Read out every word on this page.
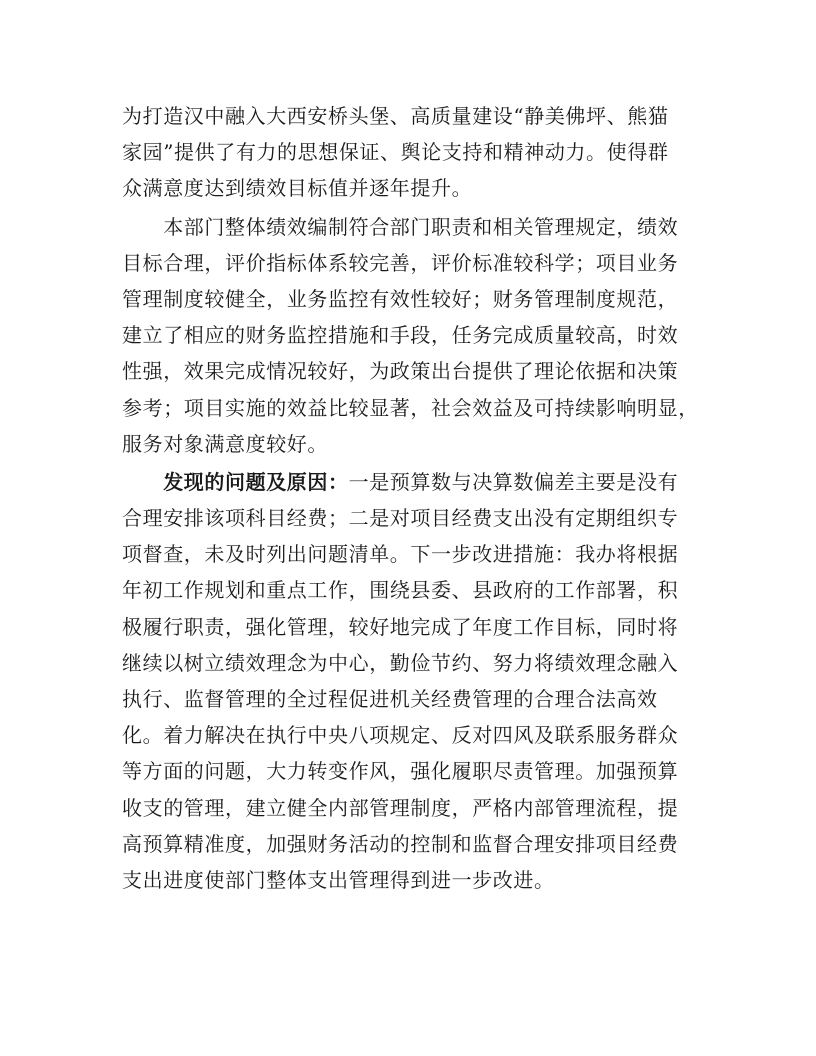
为打造汉中融入大西安桥头堡、高质量建设“静美佛坪、熊猫
家园”提供了有力的思想保证、舆论支持和精神动力。使得群
众满意度达到绩效目标值并逐年提升。
　　本部门整体绩效编制符合部门职责和相关管理规定，绩效
目标合理，评价指标体系较完善，评价标准较科学；项目业务
管理制度较健全，业务监控有效性较好；财务管理制度规范，
建立了相应的财务监控措施和手段，任务完成质量较高，时效
性强，效果完成情况较好，为政策出台提供了理论依据和决策
参考；项目实施的效益比较显著，社会效益及可持续影响明显，
服务对象满意度较好。
　　发现的问题及原因：一是预算数与决算数偏差主要是没有
合理安排该项科目经费；二是对项目经费支出没有定期组织专
项督查，未及时列出问题清单。下一步改进措施：我办将根据
年初工作规划和重点工作，围绕县委、县政府的工作部署，积
极履行职责，强化管理，较好地完成了年度工作目标，同时将
继续以树立绩效理念为中心，勤俭节约、努力将绩效理念融入
执行、监督管理的全过程促进机关经费管理的合理合法高效
化。着力解决在执行中央八项规定、反对四风及联系服务群众
等方面的问题，大力转变作风，强化履职尽责管理。加强预算
收支的管理，建立健全内部管理制度，严格内部管理流程，提
高预算精准度，加强财务活动的控制和监督合理安排项目经费
支出进度使部门整体支出管理得到进一步改进。
